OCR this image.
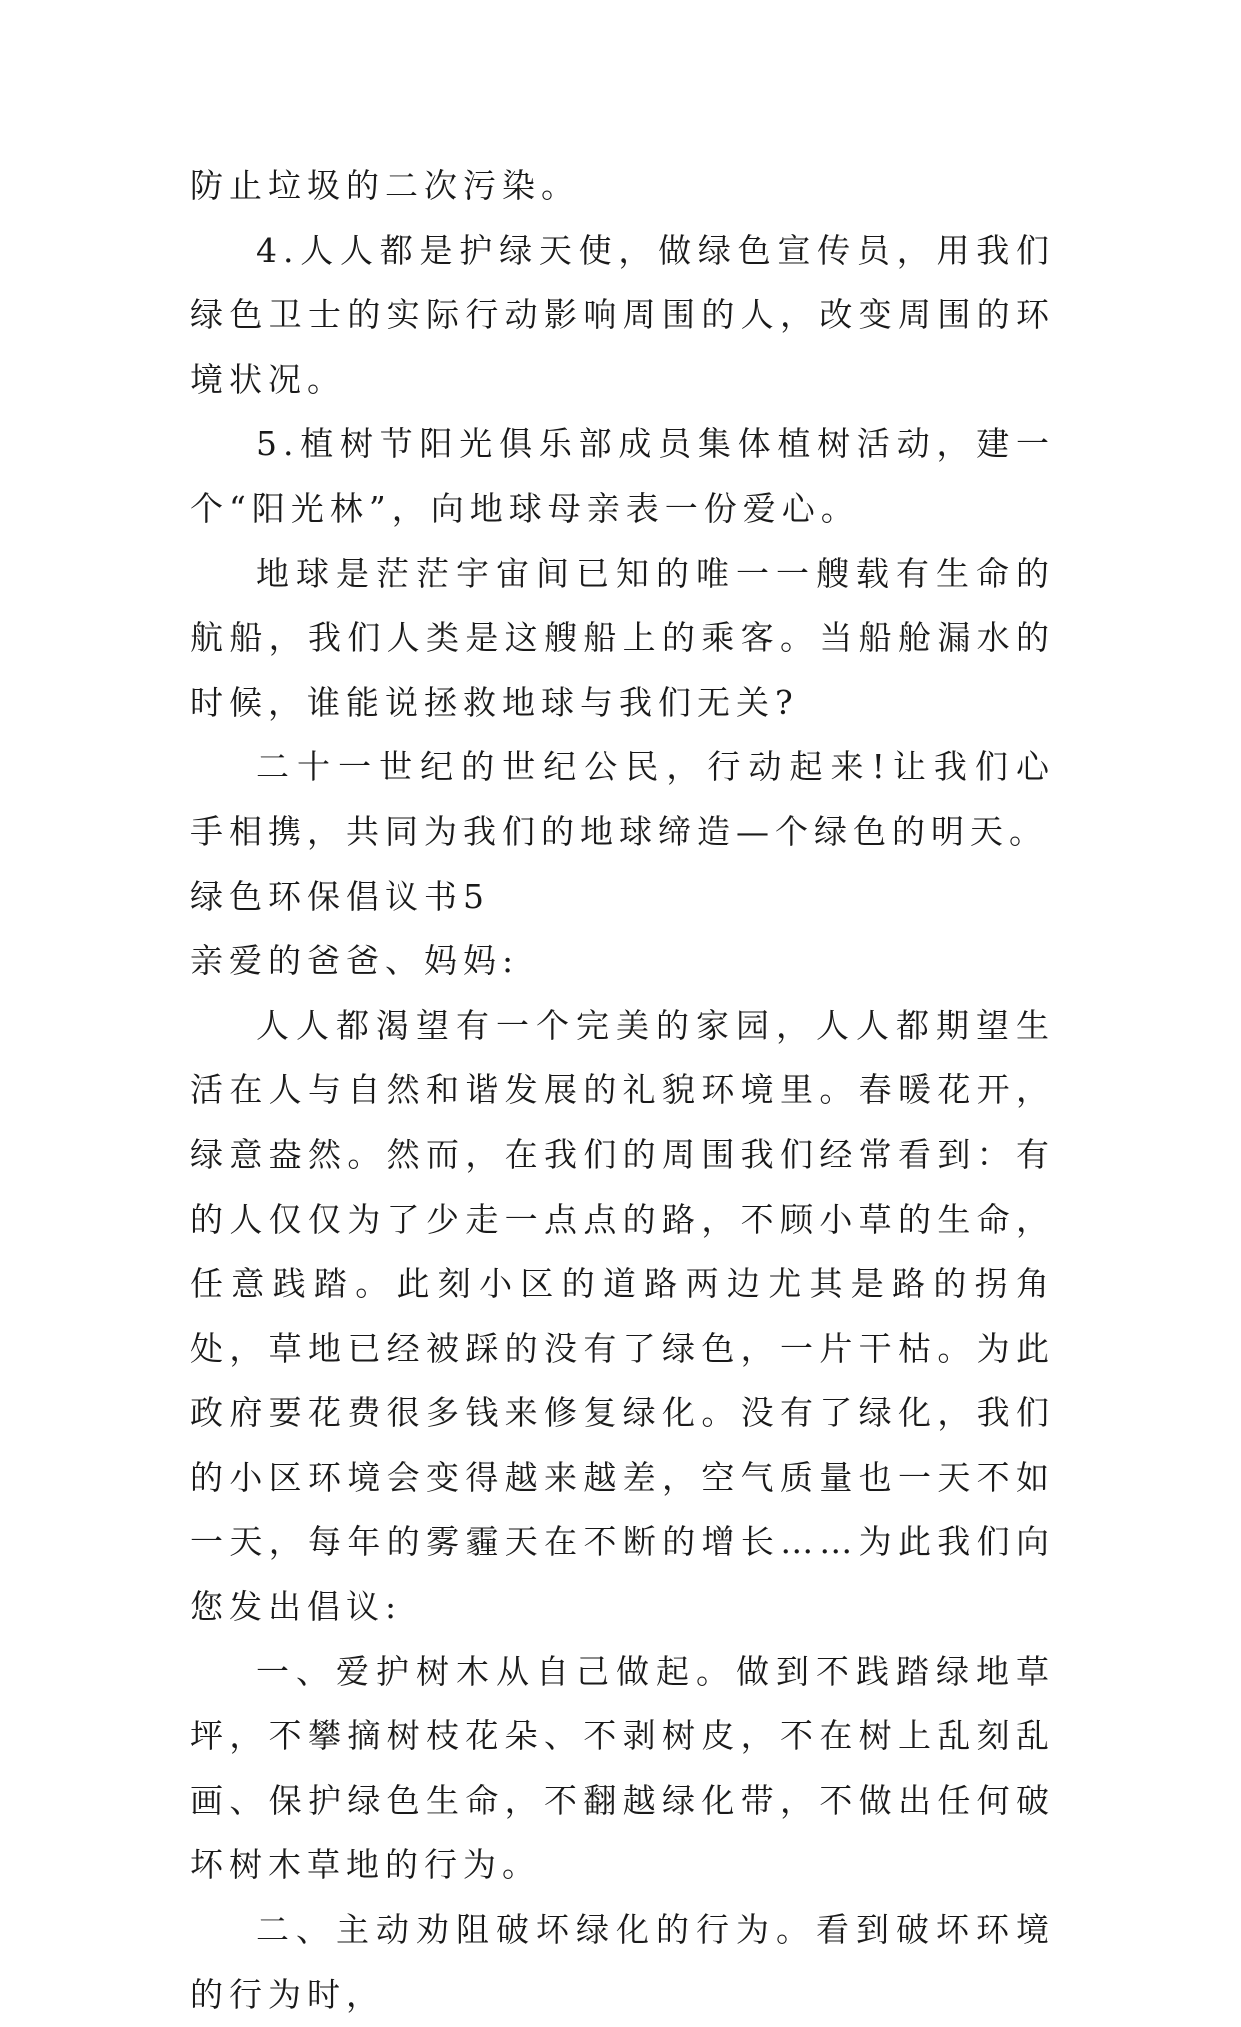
防止垃圾的二次污染。

4.人人都是护绿天使，做绿色宣传员，用我们绿色卫士的实际行动影响周围的人，改变周围的环境状况。

5.植树节阳光俱乐部成员集体植树活动，建一个“阳光林”，向地球母亲表一份爱心。

地球是茫茫宇宙间已知的唯一一艘载有生命的航船，我们人类是这艘船上的乘客。当船舱漏水的时候，谁能说拯救地球与我们无关?

二十一世纪的世纪公民，行动起来!让我们心手相携，共同为我们的地球缔造—个绿色的明天。

绿色环保倡议书5

亲爱的爸爸、妈妈:

人人都渴望有一个完美的家园，人人都期望生活在人与自然和谐发展的礼貌环境里。春暖花开，绿意盎然。然而，在我们的周围我们经常看到：有的人仅仅为了少走一点点的路，不顾小草的生命，任意践踏。此刻小区的道路两边尤其是路的拐角处，草地已经被踩的没有了绿色，一片干枯。为此政府要花费很多钱来修复绿化。没有了绿化，我们的小区环境会变得越来越差，空气质量也一天不如一天，每年的雾霾天在不断的增长……为此我们向您发出倡议:

一、爱护树木从自己做起。做到不践踏绿地草坪，不攀摘树枝花朵、不剥树皮，不在树上乱刻乱画、保护绿色生命，不翻越绿化带，不做出任何破坏树木草地的行为。

二、主动劝阻破坏绿化的行为。看到破坏环境的行为时，
